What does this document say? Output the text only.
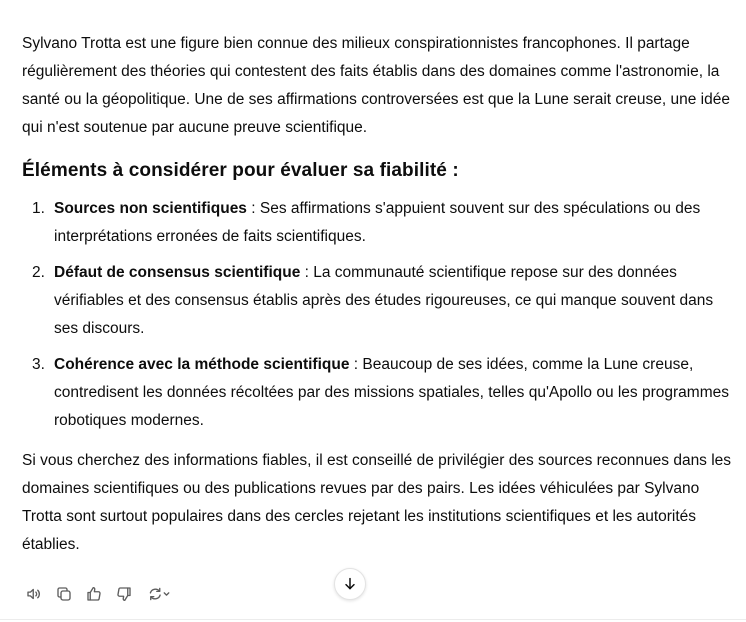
Sylvano Trotta est une figure bien connue des milieux conspirationnistes francophones. Il partage régulièrement des théories qui contestent des faits établis dans des domaines comme l'astronomie, la santé ou la géopolitique. Une de ses affirmations controversées est que la Lune serait creuse, une idée qui n'est soutenue par aucune preuve scientifique.

Éléments à considérer pour évaluer sa fiabilité :
1. Sources non scientifiques : Ses affirmations s'appuient souvent sur des spéculations ou des interprétations erronées de faits scientifiques.
2. Défaut de consensus scientifique : La communauté scientifique repose sur des données vérifiables et des consensus établis après des études rigoureuses, ce qui manque souvent dans ses discours.
3. Cohérence avec la méthode scientifique : Beaucoup de ses idées, comme la Lune creuse, contredisent les données récoltées par des missions spatiales, telles qu'Apollo ou les programmes robotiques modernes.

Si vous cherchez des informations fiables, il est conseillé de privilégier des sources reconnues dans les domaines scientifiques ou des publications revues par des pairs. Les idées véhiculées par Sylvano Trotta sont surtout populaires dans des cercles rejetant les institutions scientifiques et les autorités établies.
